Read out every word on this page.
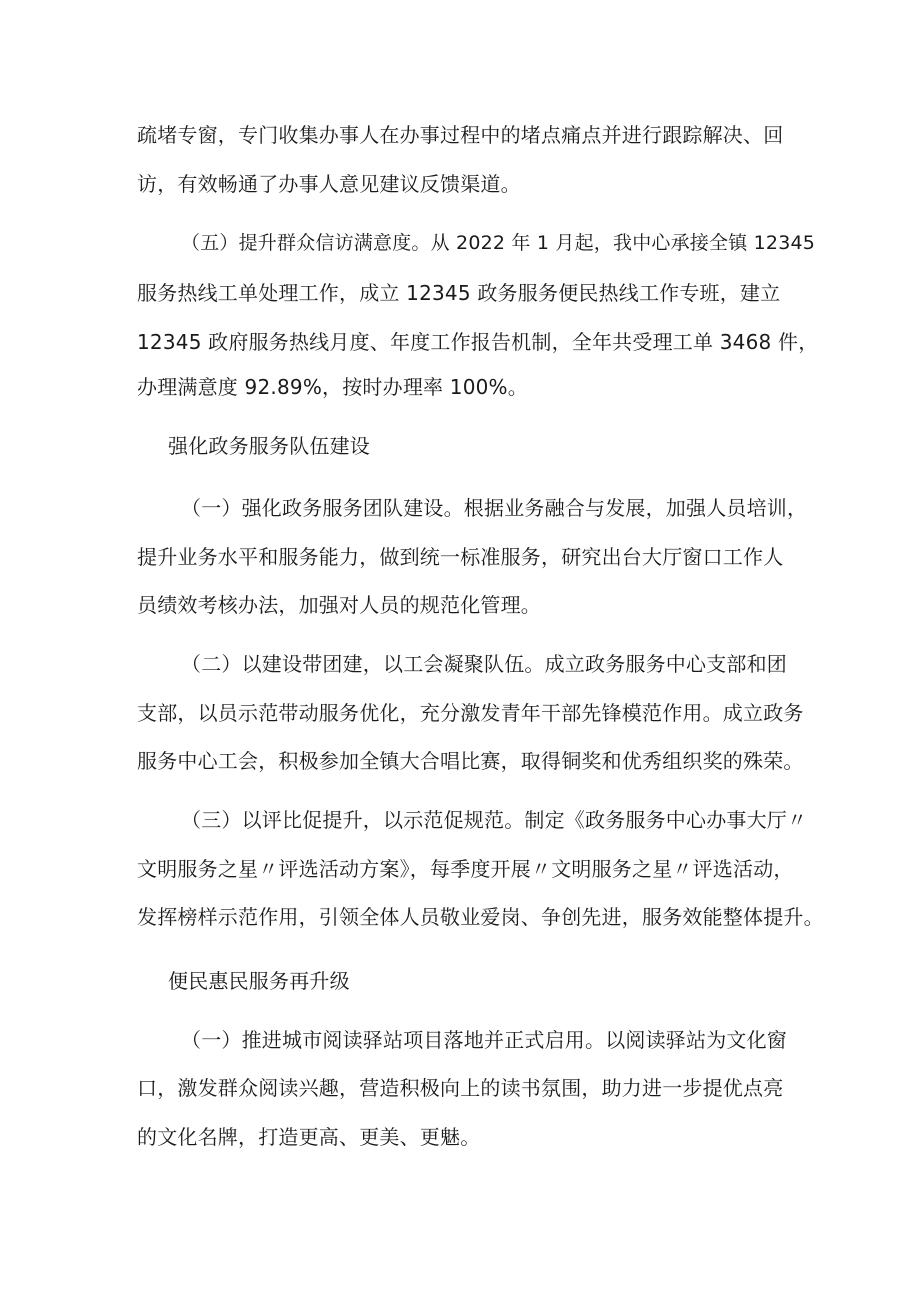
疏堵专窗，专门收集办事人在办事过程中的堵点痛点并进行跟踪解决、回
访，有效畅通了办事人意见建议反馈渠道。
（五）提升群众信访满意度。从 2022 年 1 月起，我中心承接全镇 12345
服务热线工单处理工作，成立 12345 政务服务便民热线工作专班，建立
12345 政府服务热线月度、年度工作报告机制，全年共受理工单 3468 件，
办理满意度 92.89%，按时办理率 100%。
强化政务服务队伍建设
（一）强化政务服务团队建设。根据业务融合与发展，加强人员培训，
提升业务水平和服务能力，做到统一标准服务，研究出台大厅窗口工作人
员绩效考核办法，加强对人员的规范化管理。
（二）以建设带团建，以工会凝聚队伍。成立政务服务中心支部和团
支部，以员示范带动服务优化，充分激发青年干部先锋模范作用。成立政务
服务中心工会，积极参加全镇大合唱比赛，取得铜奖和优秀组织奖的殊荣。
（三）以评比促提升，以示范促规范。制定《政务服务中心办事大厅〃
文明服务之星〃评选活动方案》，每季度开展〃文明服务之星〃评选活动，
发挥榜样示范作用，引领全体人员敬业爱岗、争创先进，服务效能整体提升。
便民惠民服务再升级
（一）推进城市阅读驿站项目落地并正式启用。以阅读驿站为文化窗
口，激发群众阅读兴趣，营造积极向上的读书氛围，助力进一步提优点亮
的文化名牌，打造更高、更美、更魅。
